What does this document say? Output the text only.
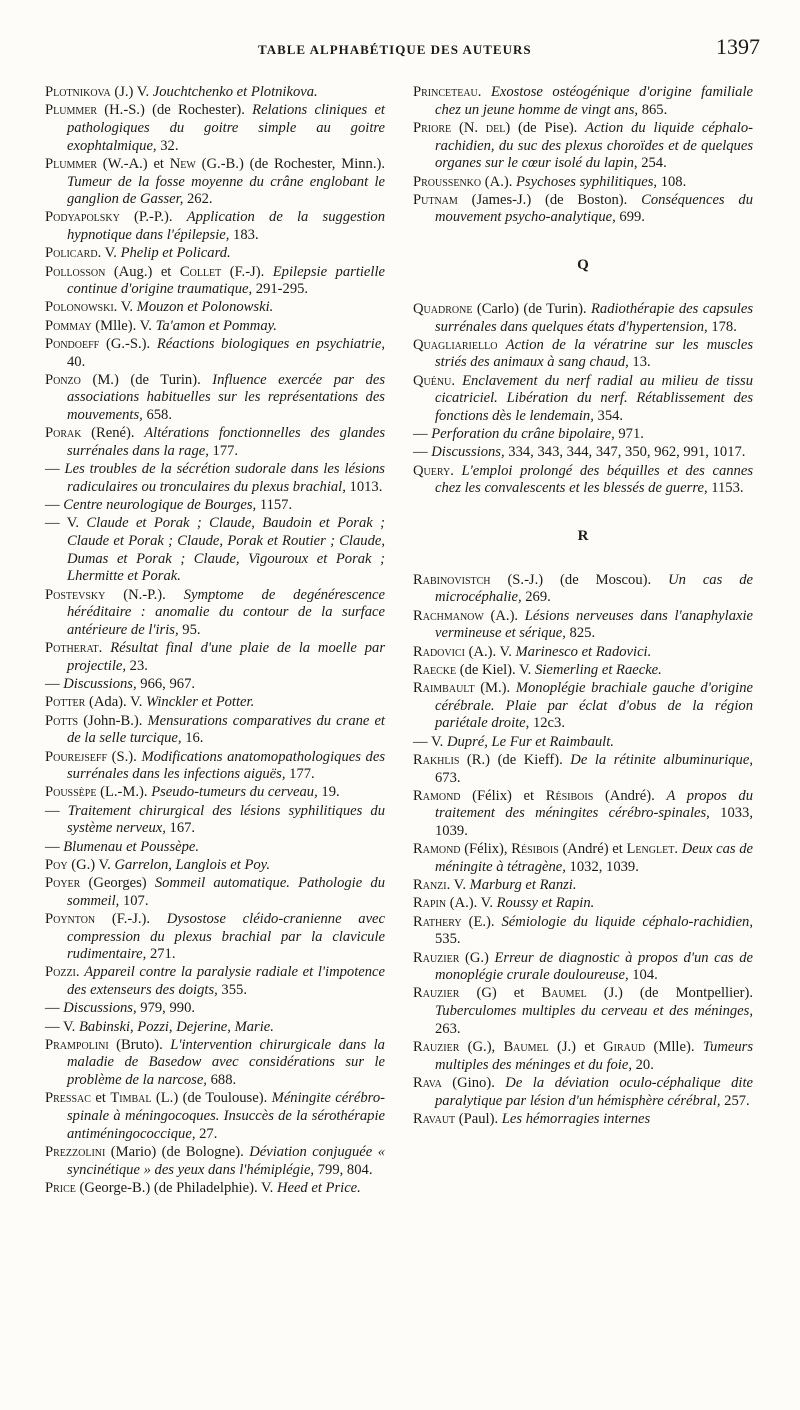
TABLE ALPHABÉTIQUE DES AUTEURS	1397

Plotnikova (J.) V. Jouchtchenko et Plotnikova.

Plummer (H.-S.) (de Rochester). Relations cliniques et pathologiques du goitre simple au goitre exophtalmique, 32.

Plummer (W.-A.) et New (G.-B.) (de Rochester, Minn.). Tumeur de la fosse moyenne du crâne englobant le ganglion de Gasser, 262.

Podyapolsky (P.-P.). Application de la suggestion hypnotique dans l'épilepsie, 183.

Policard. V. Phelip et Policard.

Pollosson (Aug.) et Collet (F.-J). Epilepsie partielle continue d'origine traumatique, 291-295.

Polonowski. V. Mouzon et Polonowski.

Pommay (Mlle). V. Ta'amon et Pommay.

Pondoeff (G.-S.). Réactions biologiques en psychiatrie, 40.

Ponzo (M.) (de Turin). Influence exercée par des associations habituelles sur les représentations des mouvements, 658.

Porak (René). Altérations fonctionnelles des glandes surrénales dans la rage, 177.

— Les troubles de la sécrétion sudorale dans les lésions radiculaires ou tronculaires du plexus brachial, 1013.

— Centre neurologique de Bourges, 1157.

— V. Claude et Porak ; Claude, Baudoin et Porak ; Claude et Porak ; Claude, Porak et Routier ; Claude, Dumas et Porak ; Claude, Vigouroux et Porak ; Lhermitte et Porak.

Postevsky (N.-P.). Symptome de degénérescence héréditaire : anomalie du contour de la surface antérieure de l'iris, 95.

Potherat. Résultat final d'une plaie de la moelle par projectile, 23.

— Discussions, 966, 967.

Potter (Ada). V. Winckler et Potter.

Potts (John-B.). Mensurations comparatives du crane et de la selle turcique, 16.

Pourejseff (S.). Modifications anatomopathologiques des surrénales dans les infections aiguës, 177.

Poussèpe (L.-M.). Pseudo-tumeurs du cerveau, 19.

— Traitement chirurgical des lésions syphilitiques du système nerveux, 167.

— Blumenau et Poussèpe.

Poy (G.) V. Garrelon, Langlois et Poy.

Poyer (Georges) Sommeil automatique. Pathologie du sommeil, 107.

Poynton (F.-J.). Dysostose cléido-cranienne avec compression du plexus brachial par la clavicule rudimentaire, 271.

Pozzi. Appareil contre la paralysie radiale et l'impotence des extenseurs des doigts, 355.

— Discussions, 979, 990.

— V. Babinski, Pozzi, Dejerine, Marie.

Prampolini (Bruto). L'intervention chirurgicale dans la maladie de Basedow avec considérations sur le problème de la narcose, 688.

Pressac et Timbal (L.) (de Toulouse). Méningite cérébro-spinale à méningocoques. Insuccès de la sérothérapie antiméningococcique, 27.

Prezzolini (Mario) (de Bologne). Déviation conjuguée « syncinétique » des yeux dans l'hémiplégie, 799, 804.

Price (George-B.) (de Philadelphie). V. Heed et Price.

Princeteau. Exostose ostéogénique d'origine familiale chez un jeune homme de vingt ans, 865.

Priore (N. del) (de Pise). Action du liquide céphalo-rachidien, du suc des plexus choroïdes et de quelques organes sur le cœur isolé du lapin, 254.

Proussenko (A.). Psychoses syphilitiques, 108.

Putnam (James-J.) (de Boston). Conséquences du mouvement psycho-analytique, 699.

Q

Quadrone (Carlo) (de Turin). Radiothérapie des capsules surrénales dans quelques états d'hypertension, 178.

Quagliariello Action de la vératrine sur les muscles striés des animaux à sang chaud, 13.

Quénu. Enclavement du nerf radial au milieu de tissu cicatriciel. Libération du nerf. Rétablissement des fonctions dès le lendemain, 354.

— Perforation du crâne bipolaire, 971.

— Discussions, 334, 343, 344, 347, 350, 962, 991, 1017.

Query. L'emploi prolongé des béquilles et des cannes chez les convalescents et les blessés de guerre, 1153.

R

Rabinovistch (S.-J.) (de Moscou). Un cas de microcéphalie, 269.

Rachmanow (A.). Lésions nerveuses dans l'anaphylaxie vermineuse et sérique, 825.

Radovici (A.). V. Marinesco et Radovici.

Raecke (de Kiel). V. Siemerling et Raecke.

Raimbault (M.). Monoplégie brachiale gauche d'origine cérébrale. Plaie par éclat d'obus de la région pariétale droite, 12c3.

— V. Dupré, Le Fur et Raimbault.

Rakhlis (R.) (de Kieff). De la rétinite albuminurique, 673.

Ramond (Félix) et Résibois (André). A propos du traitement des méningites cérébro-spinales, 1033, 1039.

Ramond (Félix), Résibois (André) et Lenglet. Deux cas de méningite à tétragène, 1032, 1039.

Ranzi. V. Marburg et Ranzi.

Rapin (A.). V. Roussy et Rapin.

Rathery (E.). Sémiologie du liquide céphalo-rachidien, 535.

Rauzier (G.) Erreur de diagnostic à propos d'un cas de monoplégie crurale douloureuse, 104.

Rauzier (G) et Baumel (J.) (de Montpellier). Tuberculomes multiples du cerveau et des méninges, 263.

Rauzier (G.), Baumel (J.) et Giraud (Mlle). Tumeurs multiples des méninges et du foie, 20.

Rava (Gino). De la déviation oculo-céphalique dite paralytique par lésion d'un hémisphère cérébral, 257.

Ravaut (Paul). Les hémorragies internes
